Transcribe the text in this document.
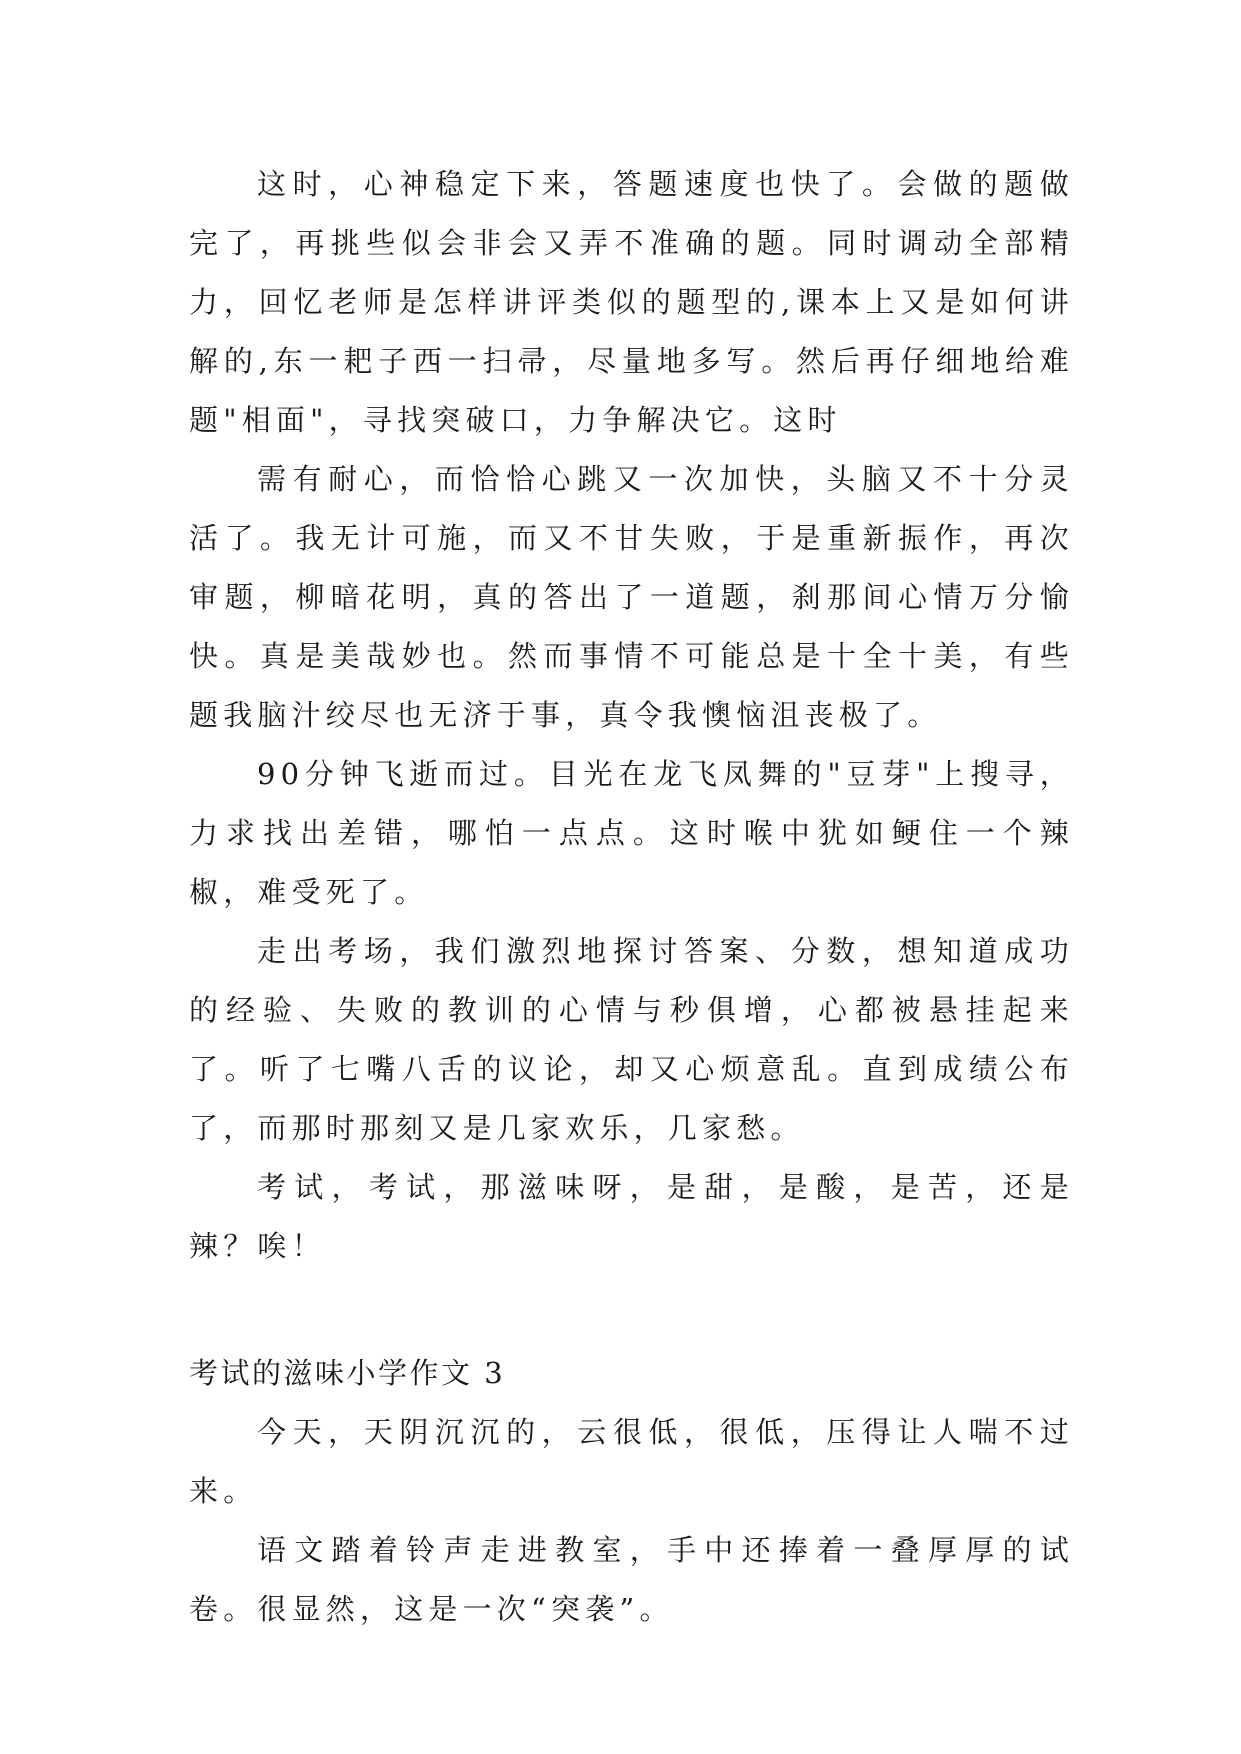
这时，心神稳定下来，答题速度也快了。会做的题做完了，再挑些似会非会又弄不准确的题。同时调动全部精力，回忆老师是怎样讲评类似的题型的,课本上又是如何讲解的,东一耙子西一扫帚，尽量地多写。然后再仔细地给难题"相面"，寻找突破口，力争解决它。这时

需有耐心，而恰恰心跳又一次加快，头脑又不十分灵活了。我无计可施，而又不甘失败，于是重新振作，再次审题，柳暗花明，真的答出了一道题，刹那间心情万分愉快。真是美哉妙也。然而事情不可能总是十全十美，有些题我脑汁绞尽也无济于事，真令我懊恼沮丧极了。

90分钟飞逝而过。目光在龙飞凤舞的"豆芽"上搜寻，力求找出差错，哪怕一点点。这时喉中犹如鲠住一个辣椒，难受死了。

走出考场，我们激烈地探讨答案、分数，想知道成功的经验、失败的教训的心情与秒俱增，心都被悬挂起来了。听了七嘴八舌的议论，却又心烦意乱。直到成绩公布了，而那时那刻又是几家欢乐，几家愁。

考试，考试，那滋味呀，是甜，是酸，是苦，还是辣？唉！

考试的滋味小学作文 3

今天，天阴沉沉的，云很低，很低，压得让人喘不过来。

语文踏着铃声走进教室，手中还捧着一叠厚厚的试卷。很显然，这是一次“突袭”。
